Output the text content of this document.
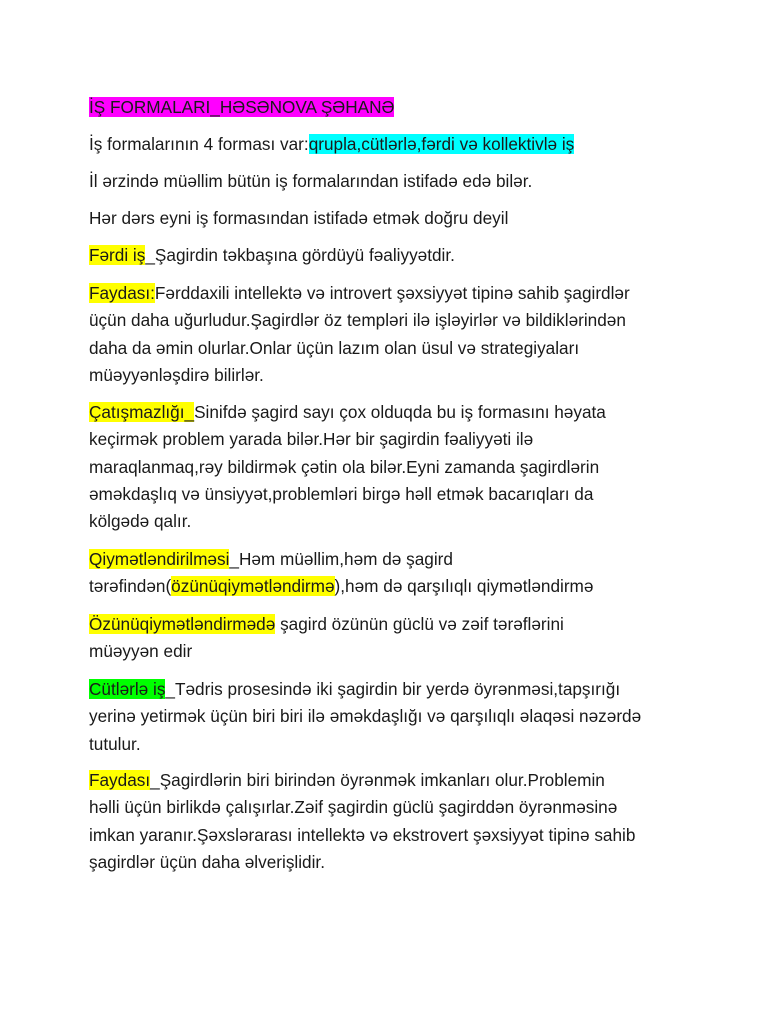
İŞ FORMALARI_HƏSƏNOVA ŞƏHANƏ

İş formalarının 4 forması var:qrupla,cütlərlə,fərdi və kollektivlə iş

İl ərzində müəllim bütün iş formalarından istifadə edə bilər.

Hər dərs eyni iş formasından istifadə etmək doğru deyil

Fərdi iş_Şagirdin təkbaşına gördüyü fəaliyyətdir.

Faydası:Fərddaxili intellektə və introvert şəxsiyyət tipinə sahib şagirdlər
üçün daha uğurludur.Şagirdlər öz templəri ilə işləyirlər və bildiklərindən
daha da əmin olurlar.Onlar üçün lazım olan üsul və strategiyaları
müəyyənləşdirə bilirlər.

Çatışmazlığı_Sinifdə şagird sayı çox olduqda bu iş formasını həyata
keçirmək problem yarada bilər.Hər bir şagirdin fəaliyyəti ilə
maraqlanmaq,rəy bildirmək çətin ola bilər.Eyni zamanda şagirdlərin
əməkdaşlıq və ünsiyyət,problemləri birgə həll etmək bacarıqları da
kölgədə qalır.

Qiymətləndirilməsi_Həm müəllim,həm də şagird
tərəfindən(özünüqiymətləndirmə),həm də qarşılıqlı qiymətləndirmə

Özünüqiymətləndirmədə şagird özünün güclü və zəif tərəflərini
müəyyən edir

Cütlərlə iş_Tədris prosesində iki şagirdin bir yerdə öyrənməsi,tapşırığı
yerinə yetirmək üçün biri biri ilə əməkdaşlığı və qarşılıqlı əlaqəsi nəzərdə
tutulur.

Faydası_Şagirdlərin biri birindən öyrənmək imkanları olur.Problemin
həlli üçün birlikdə çalışırlar.Zəif şagirdin güclü şagirddən öyrənməsinə
imkan yaranır.Şəxslərarası intellektə və ekstrovert şəxsiyyət tipinə sahib
şagirdlər üçün daha əlverişlidir.
